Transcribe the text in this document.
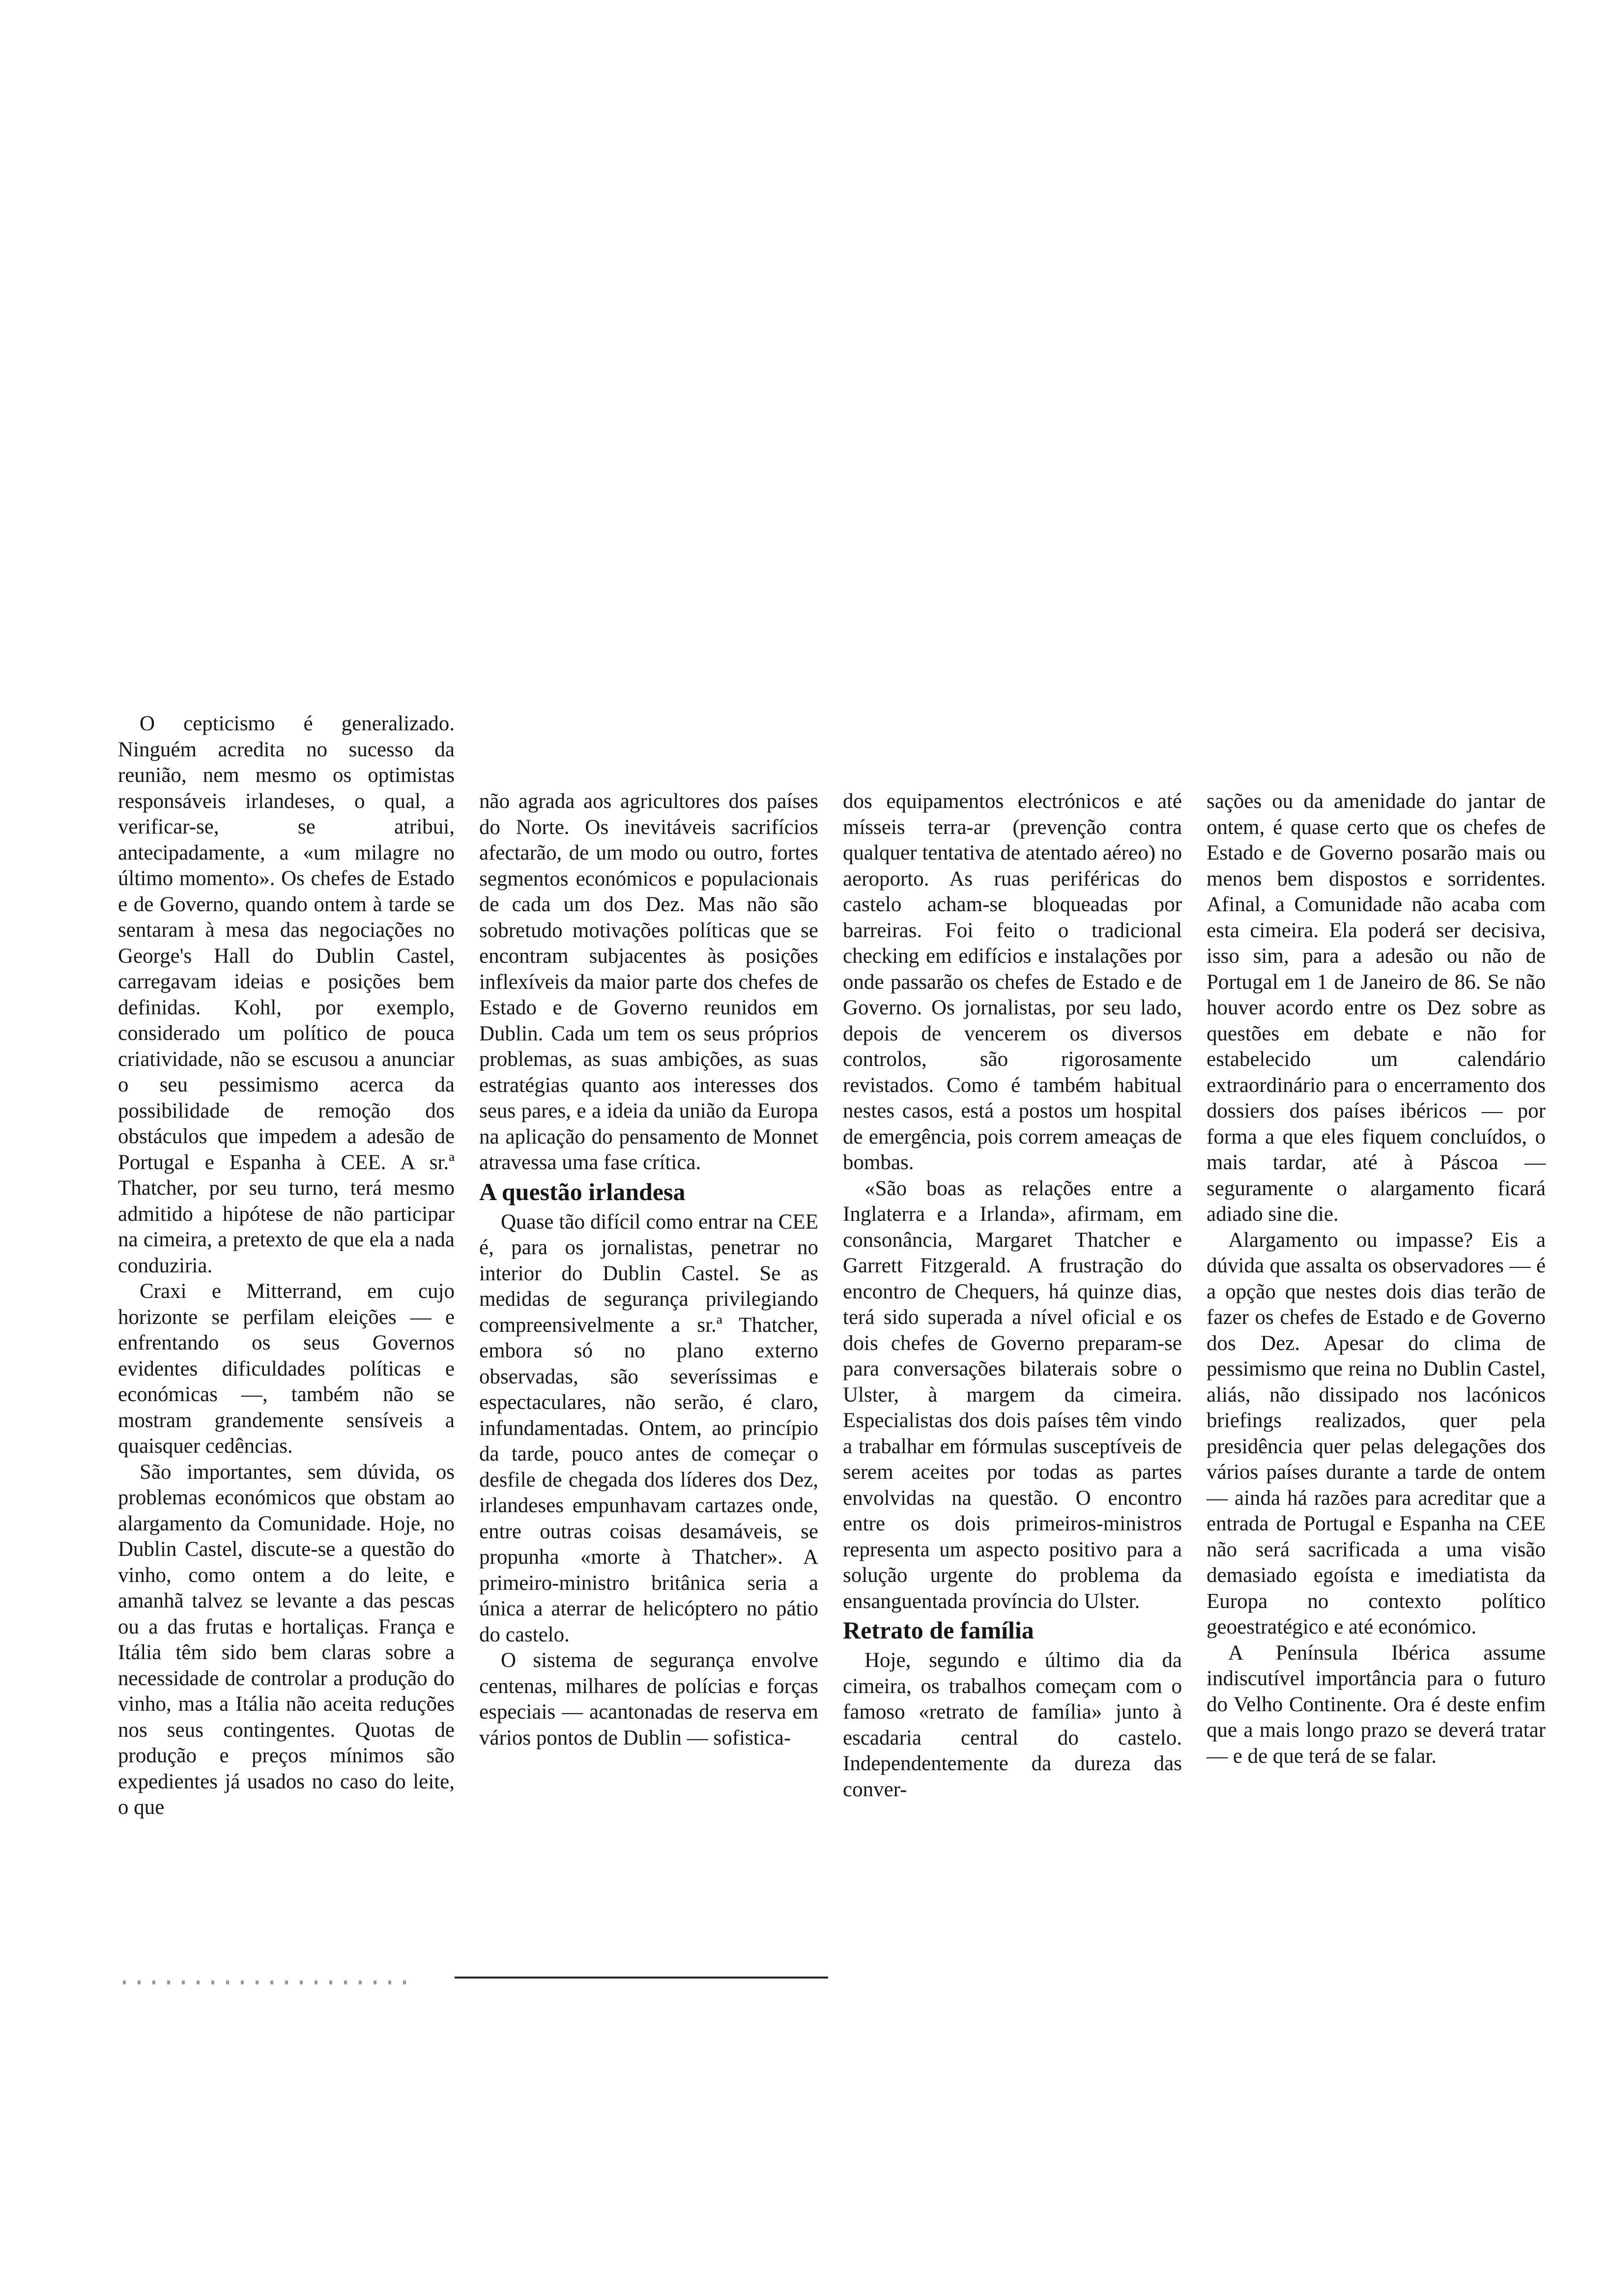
O cepticismo é generalizado. Ninguém acredita no sucesso da reunião, nem mesmo os optimistas responsáveis irlandeses, o qual, a verificar-se, se atribui, antecipadamente, a «um milagre no último momento». Os chefes de Estado e de Governo, quando ontem à tarde se sentaram à mesa das negociações no George's Hall do Dublin Castel, carregavam ideias e posições bem definidas. Kohl, por exemplo, considerado um político de pouca criatividade, não se escusou a anunciar o seu pessimismo acerca da possibilidade de remoção dos obstáculos que impedem a adesão de Portugal e Espanha à CEE. A sr.ª Thatcher, por seu turno, terá mesmo admitido a hipótese de não participar na cimeira, a pretexto de que ela a nada conduziria.

Craxi e Mitterrand, em cujo horizonte se perfilam eleições — e enfrentando os seus Governos evidentes dificuldades políticas e económicas —, também não se mostram grandemente sensíveis a quaisquer cedências.

São importantes, sem dúvida, os problemas económicos que obstam ao alargamento da Comunidade. Hoje, no Dublin Castel, discute-se a questão do vinho, como ontem a do leite, e amanhã talvez se levante a das pescas ou a das frutas e hortaliças. França e Itália têm sido bem claras sobre a necessidade de controlar a produção do vinho, mas a Itália não aceita reduções nos seus contingentes. Quotas de produção e preços mínimos são expedientes já usados no caso do leite, o que

não agrada aos agricultores dos países do Norte. Os inevitáveis sacrifícios afectarão, de um modo ou outro, fortes segmentos económicos e populacionais de cada um dos Dez. Mas não são sobretudo motivações políticas que se encontram subjacentes às posições inflexíveis da maior parte dos chefes de Estado e de Governo reunidos em Dublin. Cada um tem os seus próprios problemas, as suas ambições, as suas estratégias quanto aos interesses dos seus pares, e a ideia da união da Europa na aplicação do pensamento de Monnet atravessa uma fase crítica.

A questão irlandesa

Quase tão difícil como entrar na CEE é, para os jornalistas, penetrar no interior do Dublin Castel. Se as medidas de segurança privilegiando compreensivelmente a sr.ª Thatcher, embora só no plano externo observadas, são severíssimas e espectaculares, não serão, é claro, infundamentadas. Ontem, ao princípio da tarde, pouco antes de começar o desfile de chegada dos líderes dos Dez, irlandeses empunhavam cartazes onde, entre outras coisas desamáveis, se propunha «morte à Thatcher». A primeiro-ministro britânica seria a única a aterrar de helicóptero no pátio do castelo.

O sistema de segurança envolve centenas, milhares de polícias e forças especiais — acantonadas de reserva em vários pontos de Dublin — sofistica-

dos equipamentos electrónicos e até mísseis terra-ar (prevenção contra qualquer tentativa de atentado aéreo) no aeroporto. As ruas periféricas do castelo acham-se bloqueadas por barreiras. Foi feito o tradicional checking em edifícios e instalações por onde passarão os chefes de Estado e de Governo. Os jornalistas, por seu lado, depois de vencerem os diversos controlos, são rigorosamente revistados. Como é também habitual nestes casos, está a postos um hospital de emergência, pois correm ameaças de bombas.

«São boas as relações entre a Inglaterra e a Irlanda», afirmam, em consonância, Margaret Thatcher e Garrett Fitzgerald. A frustração do encontro de Chequers, há quinze dias, terá sido superada a nível oficial e os dois chefes de Governo preparam-se para conversações bilaterais sobre o Ulster, à margem da cimeira. Especialistas dos dois países têm vindo a trabalhar em fórmulas susceptíveis de serem aceites por todas as partes envolvidas na questão. O encontro entre os dois primeiros-ministros representa um aspecto positivo para a solução urgente do problema da ensanguentada província do Ulster.

Retrato de família

Hoje, segundo e último dia da cimeira, os trabalhos começam com o famoso «retrato de família» junto à escadaria central do castelo. Independentemente da dureza das conver-

sações ou da amenidade do jantar de ontem, é quase certo que os chefes de Estado e de Governo posarão mais ou menos bem dispostos e sorridentes. Afinal, a Comunidade não acaba com esta cimeira. Ela poderá ser decisiva, isso sim, para a adesão ou não de Portugal em 1 de Janeiro de 86. Se não houver acordo entre os Dez sobre as questões em debate e não for estabelecido um calendário extraordinário para o encerramento dos dossiers dos países ibéricos — por forma a que eles fiquem concluídos, o mais tardar, até à Páscoa — seguramente o alargamento ficará adiado sine die.

Alargamento ou impasse? Eis a dúvida que assalta os observadores — é a opção que nestes dois dias terão de fazer os chefes de Estado e de Governo dos Dez. Apesar do clima de pessimismo que reina no Dublin Castel, aliás, não dissipado nos lacónicos briefings realizados, quer pela presidência quer pelas delegações dos vários países durante a tarde de ontem — ainda há razões para acreditar que a entrada de Portugal e Espanha na CEE não será sacrificada a uma visão demasiado egoísta e imediatista da Europa no contexto político geoestratégico e até económico.

A Península Ibérica assume indiscutível importância para o futuro do Velho Continente. Ora é deste enfim que a mais longo prazo se deverá tratar — e de que terá de se falar.
